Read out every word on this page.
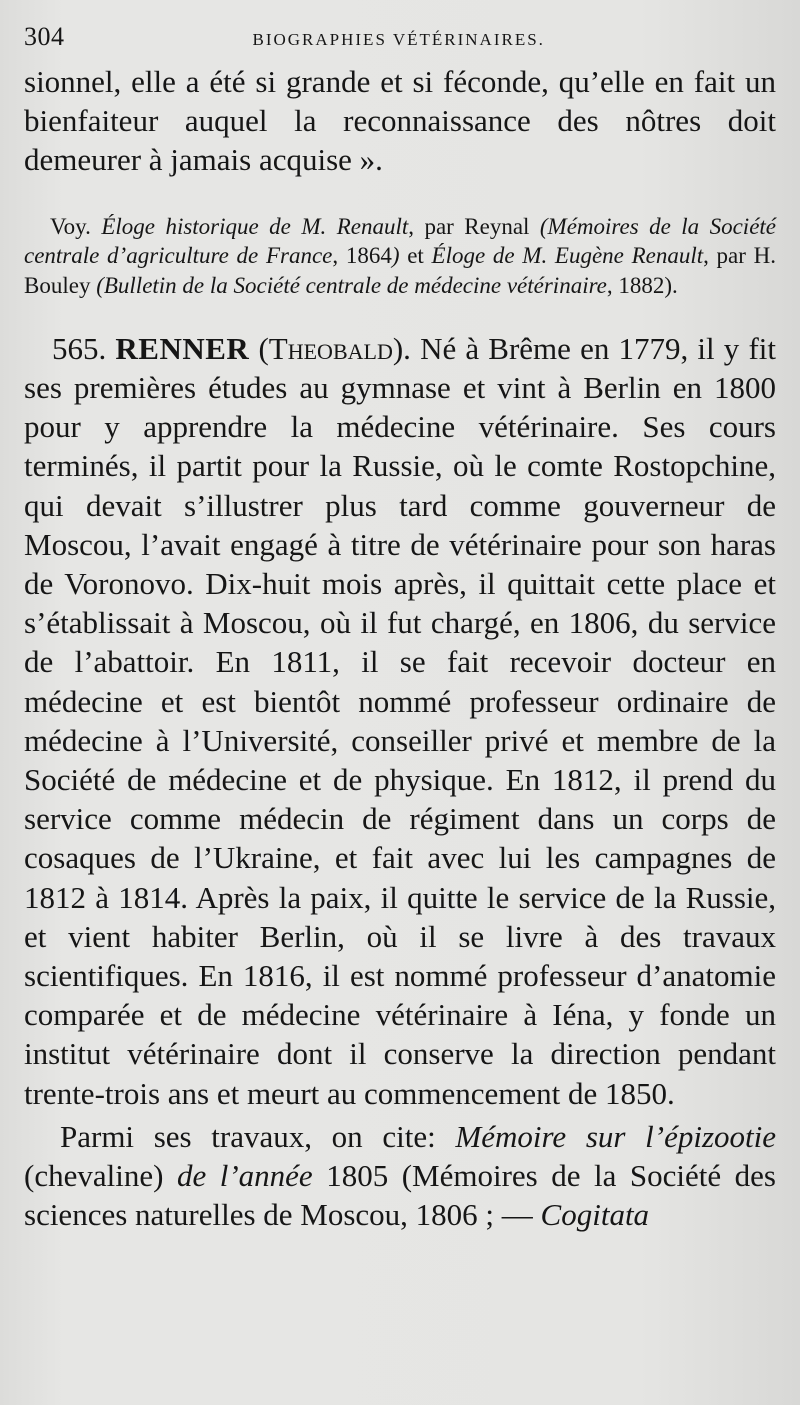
304	BIOGRAPHIES VÉTÉRINAIRES.

sionnel, elle a été si grande et si féconde, qu’elle en fait un bienfaiteur auquel la reconnaissance des nôtres doit demeurer à jamais acquise ».

Voy. Éloge historique de M. Renault, par Reynal (Mémoires de la Société centrale d’agriculture de France, 1864) et Éloge de M. Eugène Renault, par H. Bouley (Bulletin de la Société centrale de médecine vétérinaire, 1882).

565. RENNER (Theobald). Né à Brême en 1779, il y fit ses premières études au gymnase et vint à Berlin en 1800 pour y apprendre la médecine vétérinaire. Ses cours terminés, il partit pour la Russie, où le comte Rostopchine, qui devait s’illustrer plus tard comme gouverneur de Moscou, l’avait engagé à titre de vétérinaire pour son haras de Voronovo. Dix-huit mois après, il quittait cette place et s’établissait à Moscou, où il fut chargé, en 1806, du service de l’abattoir. En 1811, il se fait recevoir docteur en médecine et est bientôt nommé professeur ordinaire de médecine à l’Université, conseiller privé et membre de la Société de médecine et de physique. En 1812, il prend du service comme médecin de régiment dans un corps de cosaques de l’Ukraine, et fait avec lui les campagnes de 1812 à 1814. Après la paix, il quitte le service de la Russie, et vient habiter Berlin, où il se livre à des travaux scientifiques. En 1816, il est nommé professeur d’anatomie comparée et de médecine vétérinaire à Iéna, y fonde un institut vétérinaire dont il conserve la direction pendant trente-trois ans et meurt au commencement de 1850.

Parmi ses travaux, on cite: Mémoire sur l’épizootie (chevaline) de l’année 1805 (Mémoires de la Société des sciences naturelles de Moscou, 1806 ; — Cogitata
